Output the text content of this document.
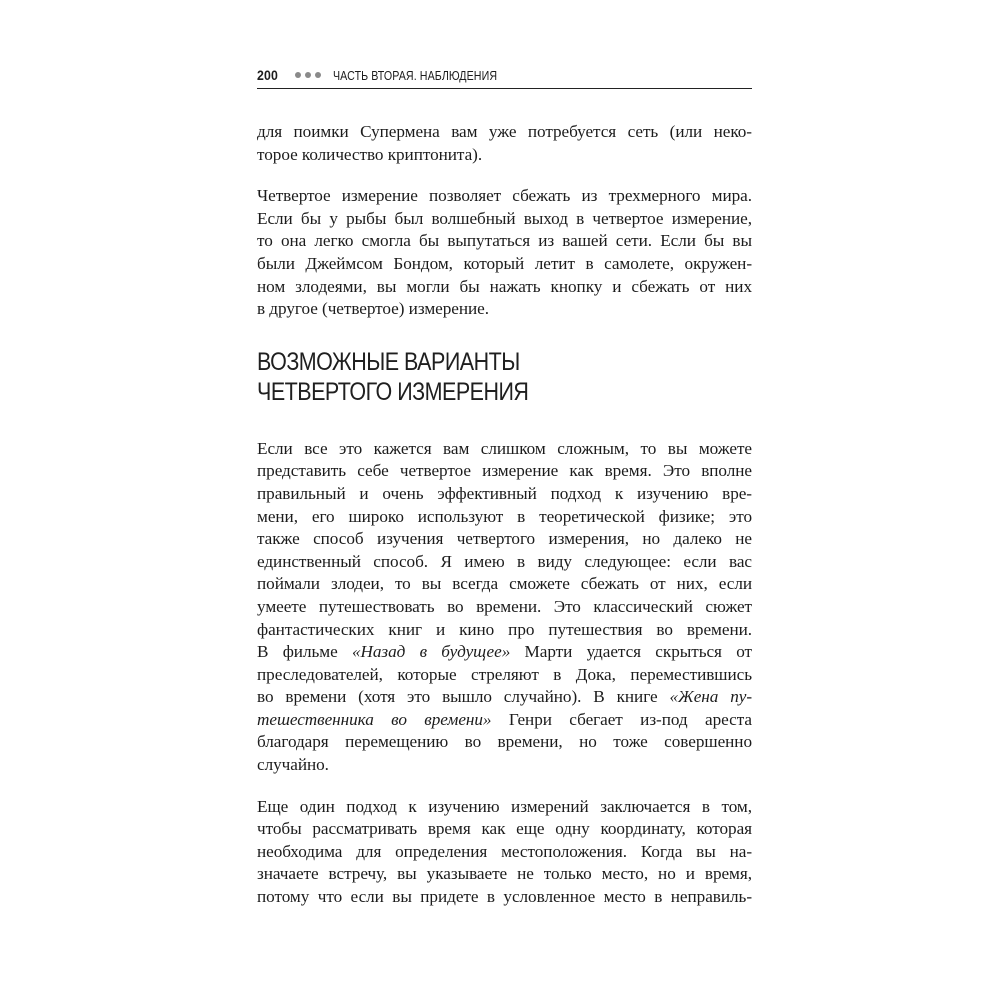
200	ЧАСТЬ ВТОРАЯ. НАБЛЮДЕНИЯ

для поимки Супермена вам уже потребуется сеть (или неко-
торое количество криптонита).

Четвертое измерение позволяет сбежать из трехмерного мира.
Если бы у рыбы был волшебный выход в четвертое измерение,
то она легко смогла бы выпутаться из вашей сети. Если бы вы
были Джеймсом Бондом, который летит в самолете, окружен-
ном злодеями, вы могли бы нажать кнопку и сбежать от них
в другое (четвертое) измерение.

ВОЗМОЖНЫЕ ВАРИАНТЫ
ЧЕТВЕРТОГО ИЗМЕРЕНИЯ

Если все это кажется вам слишком сложным, то вы можете
представить себе четвертое измерение как время. Это вполне
правильный и очень эффективный подход к изучению вре-
мени, его широко используют в теоретической физике; это
также способ изучения четвертого измерения, но далеко не
единственный способ. Я имею в виду следующее: если вас
поймали злодеи, то вы всегда сможете сбежать от них, если
умеете путешествовать во времени. Это классический сюжет
фантастических книг и кино про путешествия во времени.
В фильме «Назад в будущее» Марти удается скрыться от
преследователей, которые стреляют в Дока, переместившись
во времени (хотя это вышло случайно). В книге «Жена пу-
тешественника во времени» Генри сбегает из-под ареста
благодаря перемещению во времени, но тоже совершенно
случайно.

Еще один подход к изучению измерений заключается в том,
чтобы рассматривать время как еще одну координату, которая
необходима для определения местоположения. Когда вы на-
значаете встречу, вы указываете не только место, но и время,
потому что если вы придете в условленное место в неправиль-
